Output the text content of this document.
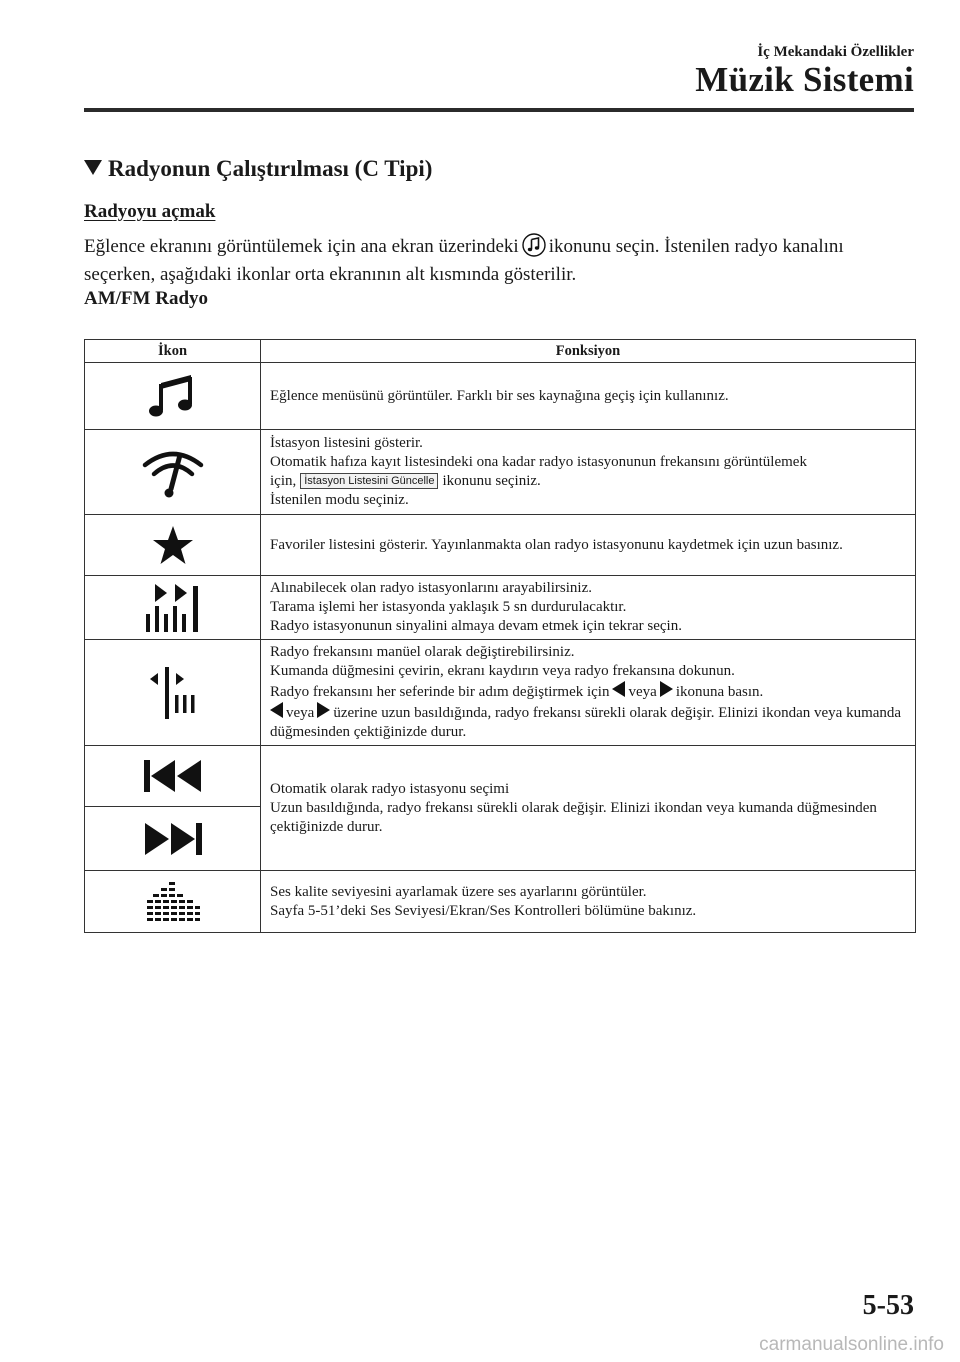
İç Mekandaki Özellikler
Müzik Sistemi
Radyonun Çalıştırılması (C Tipi)
Radyoyu açmak
Eğlence ekranını görüntülemek için ana ekran üzerindeki ikonunu seçin. İstenilen radyo kanalını seçerken, aşağıdaki ikonlar orta ekranının alt kısmında gösterilir.
AM/FM Radyo
İkon	Fonksiyon

Eğlence menüsünü görüntüler. Farklı bir ses kaynağına geçiş için kullanınız.

İstasyon listesini gösterir.
Otomatik hafıza kayıt listesindeki ona kadar radyo istasyonunun frekansını görüntülemek
için, İstasyon Listesini Güncelle ikonunu seçiniz.
İstenilen modu seçiniz.

Favoriler listesini gösterir. Yayınlanmakta olan radyo istasyonunu kaydetmek için uzun basınız.

Alınabilecek olan radyo istasyonlarını arayabilirsiniz.
Tarama işlemi her istasyonda yaklaşık 5 sn durdurulacaktır.
Radyo istasyonunun sinyalini almaya devam etmek için tekrar seçin.

Radyo frekansını manüel olarak değiştirebilirsiniz.
Kumanda düğmesini çevirin, ekranı kaydırın veya radyo frekansına dokunun.
Radyo frekansını her seferinde bir adım değiştirmek için veya ikonuna basın.
veya üzerine uzun basıldığında, radyo frekansı sürekli olarak değişir. Elinizi ikondan veya kumanda düğmesinden çektiğinizde durur.

Otomatik olarak radyo istasyonu seçimi
Uzun basıldığında, radyo frekansı sürekli olarak değişir. Elinizi ikondan veya kumanda düğmesinden çektiğinizde durur.

Ses kalite seviyesini ayarlamak üzere ses ayarlarını görüntüler.
Sayfa 5-51’deki Ses Seviyesi/Ekran/Ses Kontrolleri bölümüne bakınız.
5-53
carmanualsonline.info
